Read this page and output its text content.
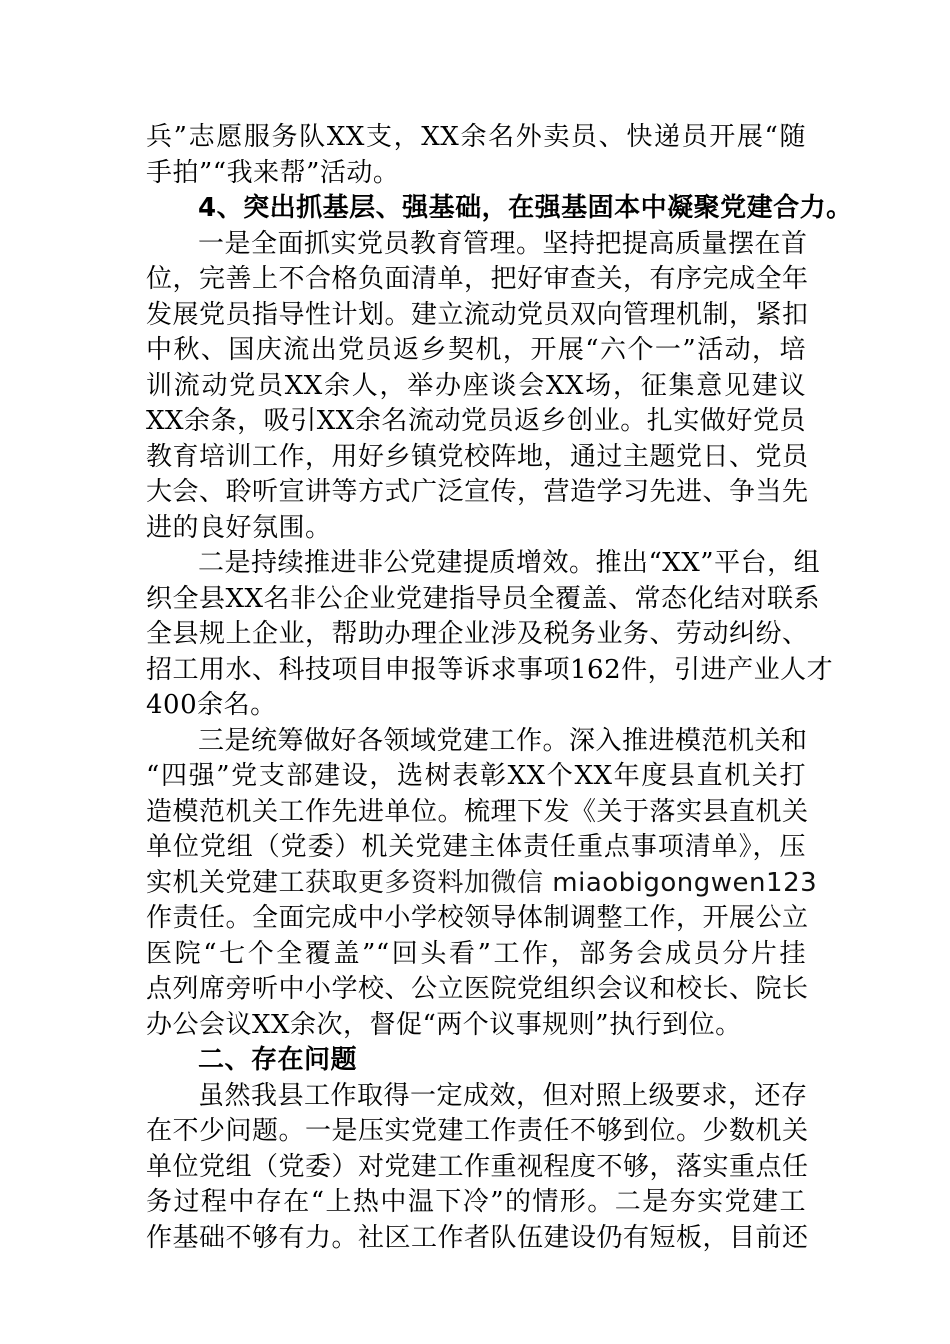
兵”志愿服务队XX支，XX余名外卖员、快递员开展“随
手拍”“我来帮”活动。
4、突出抓基层、强基础，在强基固本中凝聚党建合力。
一是全面抓实党员教育管理。坚持把提高质量摆在首
位，完善上不合格负面清单，把好审查关，有序完成全年
发展党员指导性计划。建立流动党员双向管理机制，紧扣
中秋、国庆流出党员返乡契机，开展“六个一”活动，培
训流动党员XX余人，举办座谈会XX场，征集意见建议
XX余条，吸引XX余名流动党员返乡创业。扎实做好党员
教育培训工作，用好乡镇党校阵地，通过主题党日、党员
大会、聆听宣讲等方式广泛宣传，营造学习先进、争当先
进的良好氛围。
二是持续推进非公党建提质增效。推出“XX”平台，组
织全县XX名非公企业党建指导员全覆盖、常态化结对联系
全县规上企业，帮助办理企业涉及税务业务、劳动纠纷、
招工用水、科技项目申报等诉求事项162件，引进产业人才
400余名。
三是统筹做好各领域党建工作。深入推进模范机关和
“四强”党支部建设，选树表彰XX个XX年度县直机关打
造模范机关工作先进单位。梳理下发《关于落实县直机关
单位党组（党委）机关党建主体责任重点事项清单》，压
实机关党建工获取更多资料加微信 miaobigongwen123
作责任。全面完成中小学校领导体制调整工作，开展公立
医院“七个全覆盖”“回头看”工作，部务会成员分片挂
点列席旁听中小学校、公立医院党组织会议和校长、院长
办公会议XX余次，督促“两个议事规则”执行到位。
二、存在问题
虽然我县工作取得一定成效，但对照上级要求，还存
在不少问题。一是压实党建工作责任不够到位。少数机关
单位党组（党委）对党建工作重视程度不够，落实重点任
务过程中存在“上热中温下冷”的情形。二是夯实党建工
作基础不够有力。社区工作者队伍建设仍有短板，目前还
